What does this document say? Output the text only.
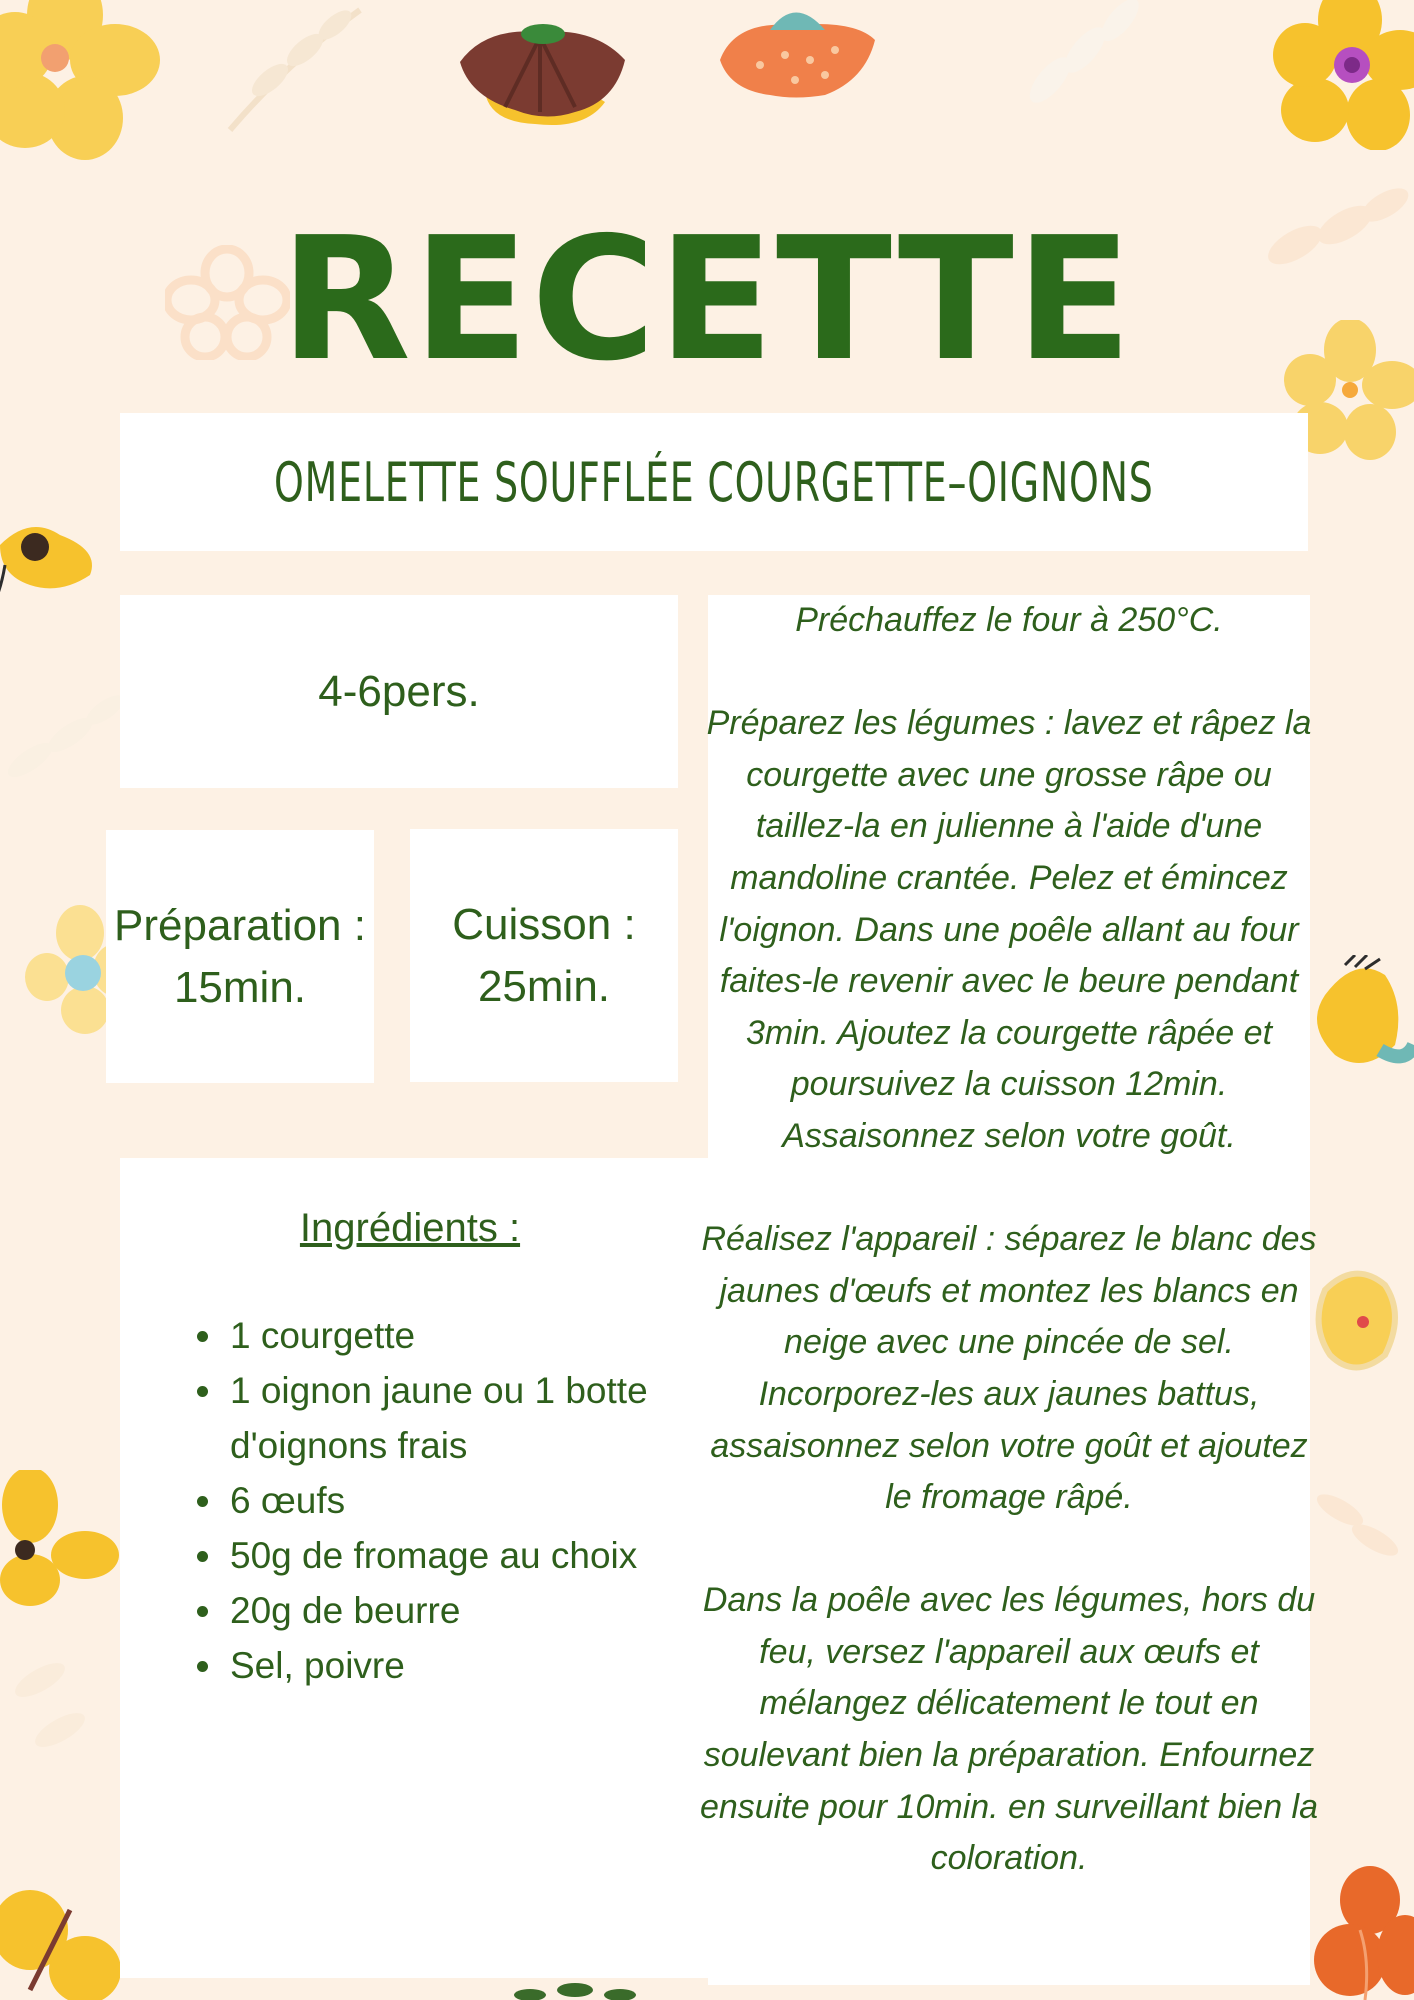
RECETTE
OMELETTE SOUFFLÉE COURGETTE–OIGNONS
4-6pers.
Préparation :
15min.
Cuisson :
25min.
Ingrédients :
• 1 courgette
• 1 oignon jaune ou 1 botte d'oignons frais
• 6 œufs
• 50g de fromage au choix
• 20g de beurre
• Sel, poivre

Préchauffez le four à 250°C.

Préparez les légumes : lavez et râpez la courgette avec une grosse râpe ou taillez-la en julienne à l'aide d'une mandoline crantée. Pelez et émincez l'oignon. Dans une poêle allant au four faites-le revenir avec le beure pendant 3min. Ajoutez la courgette râpée et poursuivez la cuisson 12min. Assaisonnez selon votre goût.

Réalisez l'appareil : séparez le blanc des jaunes d'œufs et montez les blancs en neige avec une pincée de sel. Incorporez-les aux jaunes battus, assaisonnez selon votre goût et ajoutez le fromage râpé.

Dans la poêle avec les légumes, hors du feu, versez l'appareil aux œufs et mélangez délicatement le tout en soulevant bien la préparation. Enfournez ensuite pour 10min. en surveillant bien la coloration.
